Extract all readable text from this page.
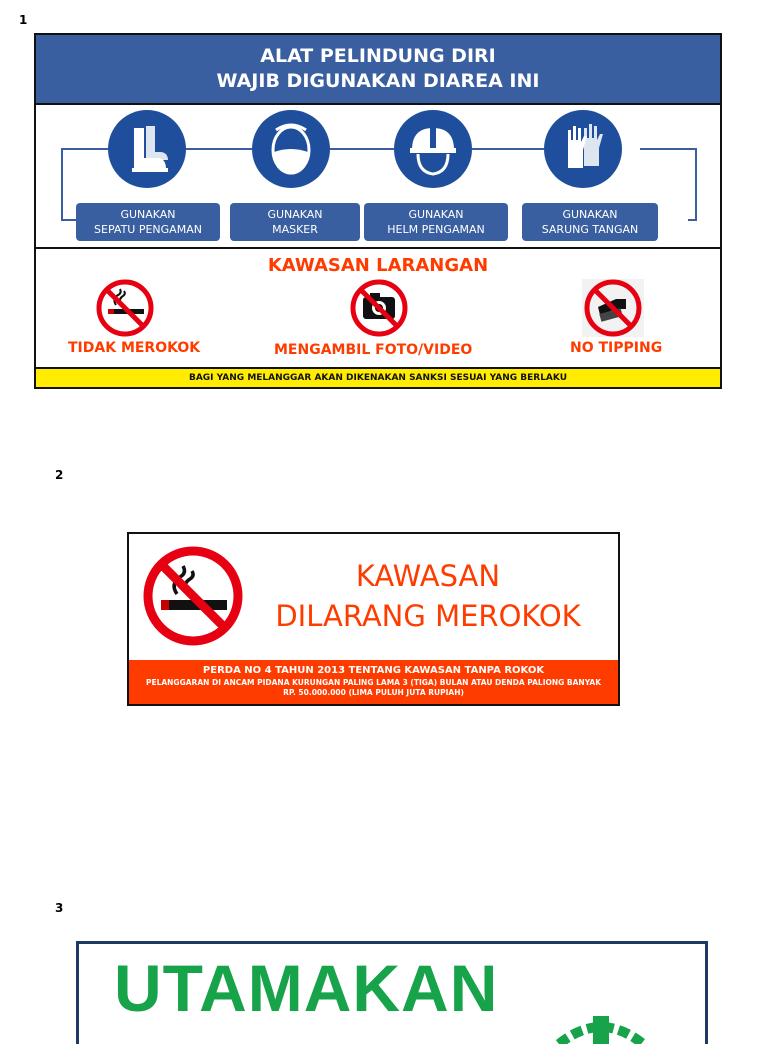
1
2
3
ALAT PELINDUNG DIRI
WAJIB DIGUNAKAN DIAREA INI
GUNAKAN
SEPATU PENGAMAN
GUNAKAN
MASKER
GUNAKAN
HELM PENGAMAN
GUNAKAN
SARUNG TANGAN
KAWASAN LARANGAN
TIDAK MEROKOK	MENGAMBIL FOTO/VIDEO	NO TIPPING
BAGI YANG MELANGGAR AKAN DIKENAKAN SANKSI SESUAI YANG BERLAKU
KAWASAN
DILARANG MEROKOK
PERDA NO 4 TAHUN 2013 TENTANG KAWASAN TANPA ROKOK
PELANGGARAN DI ANCAM PIDANA KURUNGAN PALING LAMA 3 (TIGA) BULAN ATAU DENDA PALIONG BANYAK
RP. 50.000.000 (LIMA PULUH JUTA RUPIAH)
UTAMAKAN
